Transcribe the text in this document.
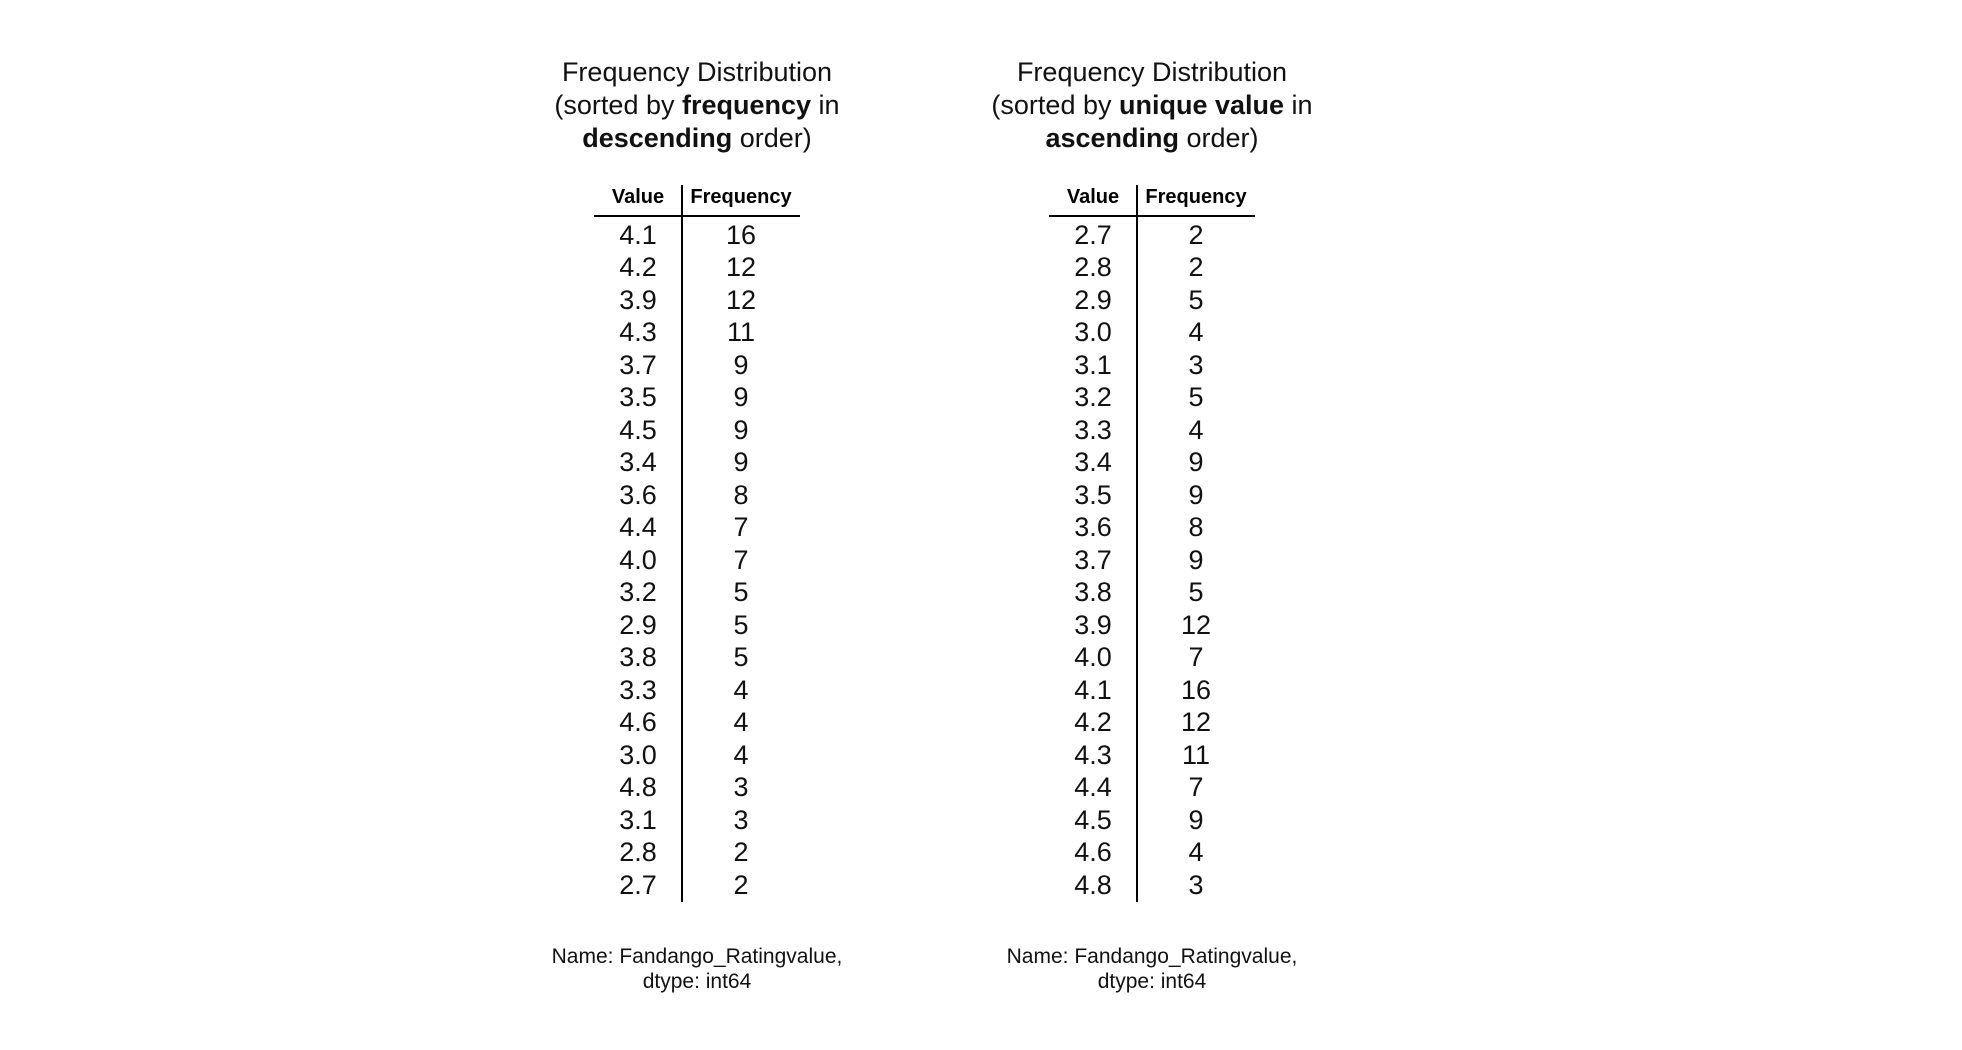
Frequency Distribution
(sorted by frequency in
descending order)
Value	Frequency
4.1	16
4.2	12
3.9	12
4.3	11
3.7	9
3.5	9
4.5	9
3.4	9
3.6	8
4.4	7
4.0	7
3.2	5
2.9	5
3.8	5
3.3	4
4.6	4
3.0	4
4.8	3
3.1	3
2.8	2
2.7	2
Name: Fandango_Ratingvalue,
dtype: int64
Frequency Distribution
(sorted by unique value in
ascending order)
Value	Frequency
2.7	2
2.8	2
2.9	5
3.0	4
3.1	3
3.2	5
3.3	4
3.4	9
3.5	9
3.6	8
3.7	9
3.8	5
3.9	12
4.0	7
4.1	16
4.2	12
4.3	11
4.4	7
4.5	9
4.6	4
4.8	3
Name: Fandango_Ratingvalue,
dtype: int64
